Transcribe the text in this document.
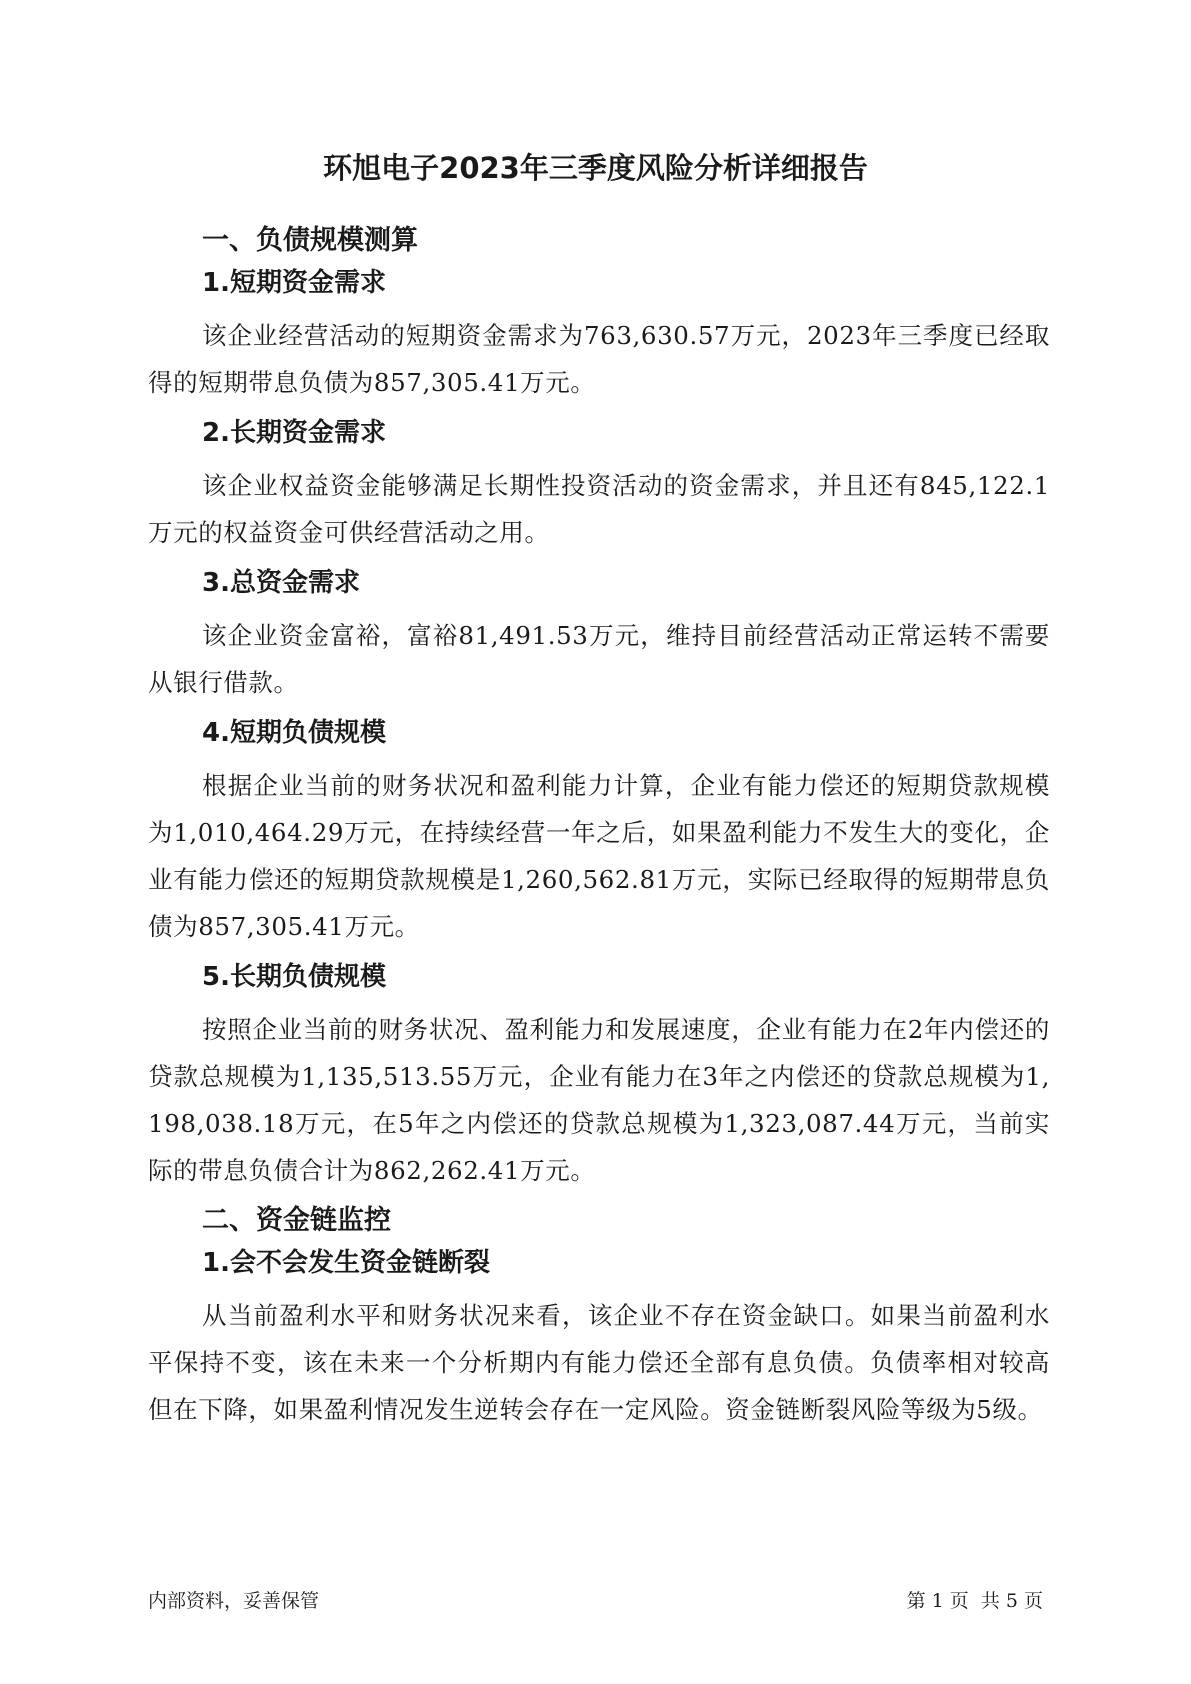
环旭电子2023年三季度风险分析详细报告
一、负债规模测算
1.短期资金需求

该企业经营活动的短期资金需求为763,630.57万元，2023年三季度已经取得的短期带息负债为857,305.41万元。

2.长期资金需求

该企业权益资金能够满足长期性投资活动的资金需求，并且还有845,122.1万元的权益资金可供经营活动之用。

3.总资金需求

该企业资金富裕，富裕81,491.53万元，维持目前经营活动正常运转不需要从银行借款。

4.短期负债规模

根据企业当前的财务状况和盈利能力计算，企业有能力偿还的短期贷款规模为1,010,464.29万元，在持续经营一年之后，如果盈利能力不发生大的变化，企业有能力偿还的短期贷款规模是1,260,562.81万元，实际已经取得的短期带息负债为857,305.41万元。

5.长期负债规模

按照企业当前的财务状况、盈利能力和发展速度，企业有能力在2年内偿还的贷款总规模为1,135,513.55万元，企业有能力在3年之内偿还的贷款总规模为1,198,038.18万元，在5年之内偿还的贷款总规模为1,323,087.44万元，当前实际的带息负债合计为862,262.41万元。

二、资金链监控
1.会不会发生资金链断裂

从当前盈利水平和财务状况来看，该企业不存在资金缺口。如果当前盈利水平保持不变，该在未来一个分析期内有能力偿还全部有息负债。负债率相对较高但在下降，如果盈利情况发生逆转会存在一定风险。资金链断裂风险等级为5级。

内部资料，妥善保管	第 1 页  共 5 页
